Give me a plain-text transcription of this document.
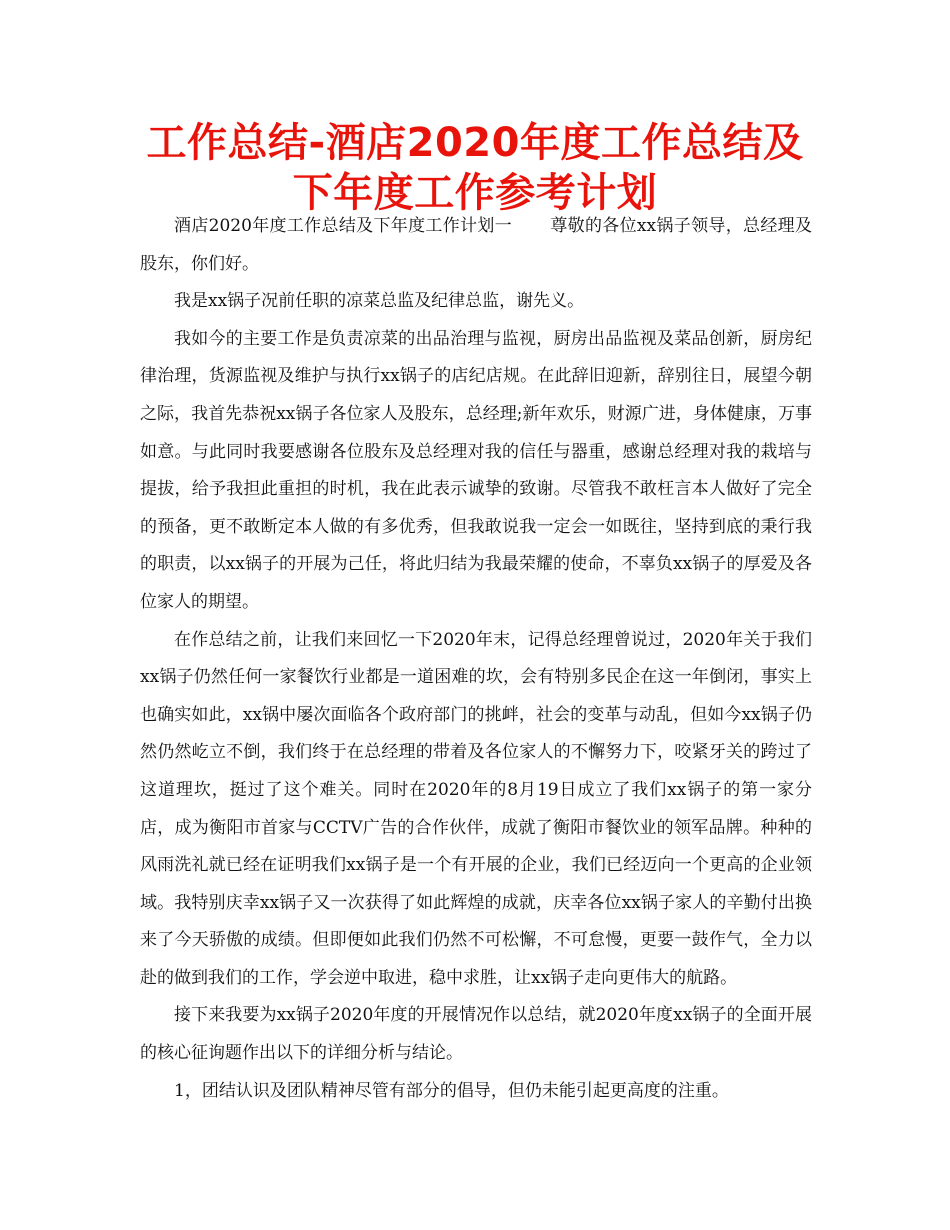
工作总结-酒店2020年度工作总结及下年度工作参考计划

酒店2020年度工作总结及下年度工作计划一 尊敬的各位xx锅子领导，总经理及股东，你们好。

我是xx锅子况前任职的凉菜总监及纪律总监，谢先义。

我如今的主要工作是负责凉菜的出品治理与监视，厨房出品监视及菜品创新，厨房纪律治理，货源监视及维护与执行xx锅子的店纪店规。在此辞旧迎新，辞别往日，展望今朝之际，我首先恭祝xx锅子各位家人及股东，总经理;新年欢乐，财源广进，身体健康，万事如意。与此同时我要感谢各位股东及总经理对我的信任与器重，感谢总经理对我的栽培与提拔，给予我担此重担的时机，我在此表示诚挚的致谢。尽管我不敢枉言本人做好了完全的预备，更不敢断定本人做的有多优秀，但我敢说我一定会一如既往，坚持到底的秉行我的职责，以xx锅子的开展为己任，将此归结为我最荣耀的使命，不辜负xx锅子的厚爱及各位家人的期望。

在作总结之前，让我们来回忆一下2020年末，记得总经理曾说过，2020年关于我们xx锅子仍然任何一家餐饮行业都是一道困难的坎，会有特别多民企在这一年倒闭，事实上也确实如此，xx锅中屡次面临各个政府部门的挑衅，社会的变革与动乱，但如今xx锅子仍然仍然屹立不倒，我们终于在总经理的带着及各位家人的不懈努力下，咬紧牙关的跨过了这道理坎，挺过了这个难关。同时在2020年的8月19日成立了我们xx锅子的第一家分店，成为衡阳市首家与CCTV广告的合作伙伴，成就了衡阳市餐饮业的领军品牌。种种的风雨洗礼就已经在证明我们xx锅子是一个有开展的企业，我们已经迈向一个更高的企业领域。我特别庆幸xx锅子又一次获得了如此辉煌的成就，庆幸各位xx锅子家人的辛勤付出换来了今天骄傲的成绩。但即便如此我们仍然不可松懈，不可怠慢，更要一鼓作气，全力以赴的做到我们的工作，学会逆中取进，稳中求胜，让xx锅子走向更伟大的航路。

接下来我要为xx锅子2020年度的开展情况作以总结，就2020年度xx锅子的全面开展的核心征询题作出以下的详细分析与结论。

1，团结认识及团队精神尽管有部分的倡导，但仍未能引起更高度的注重。
